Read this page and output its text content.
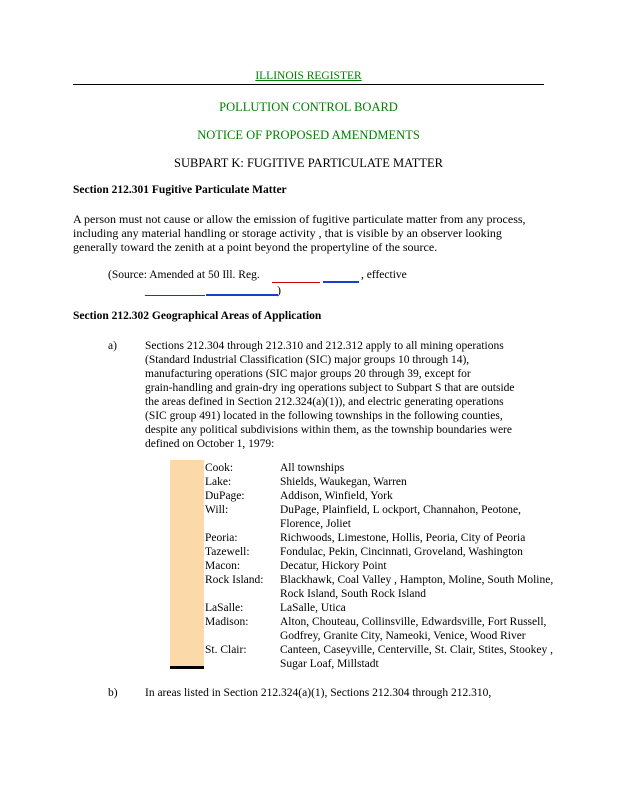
ILLINOIS REGISTER
POLLUTION CONTROL BOARD
NOTICE OF PROPOSED AMENDMENTS
SUBPART K: FUGITIVE PARTICULATE MATTER
Section 212.301 Fugitive Particulate Matter
A person must not cause or allow the emission of fugitive particulate matter from any process,
including any material handling or storage activity , that is visible by an observer looking
generally toward the zenith at a point beyond the propertyline of the source.
(Source: Amended at 50 Ill. Reg.	, effective
)
Section 212.302 Geographical Areas of Application
a) Sections 212.304 through 212.310 and 212.312 apply to all mining operations
(Standard Industrial Classification (SIC) major groups 10 through 14),
manufacturing operations (SIC major groups 20 through 39, except for
grain-handling and grain-dry ing operations subject to Subpart S that are outside
the areas defined in Section 212.324(a)(1)), and electric generating operations
(SIC group 491) located in the following townships in the following counties,
despite any political subdivisions within them, as the township boundaries were
defined on October 1, 1979:
Cook:	All townships
Lake:	Shields, Waukegan, Warren
DuPage:	Addison, Winfield, York
Will:	DuPage, Plainfield, L ockport, Channahon, Peotone,
Florence, Joliet
Peoria:	Richwoods, Limestone, Hollis, Peoria, City of Peoria
Tazewell:	Fondulac, Pekin, Cincinnati, Groveland, Washington
Macon:	Decatur, Hickory Point
Rock Island:	Blackhawk, Coal Valley , Hampton, Moline, South Moline,
Rock Island, South Rock Island
LaSalle:	LaSalle, Utica
Madison:	Alton, Chouteau, Collinsville, Edwardsville, Fort Russell,
Godfrey, Granite City, Nameoki, Venice, Wood River
St. Clair:	Canteen, Caseyville, Centerville, St. Clair, Stites, Stookey ,
Sugar Loaf, Millstadt
b) In areas listed in Section 212.324(a)(1), Sections 212.304 through 212.310,
